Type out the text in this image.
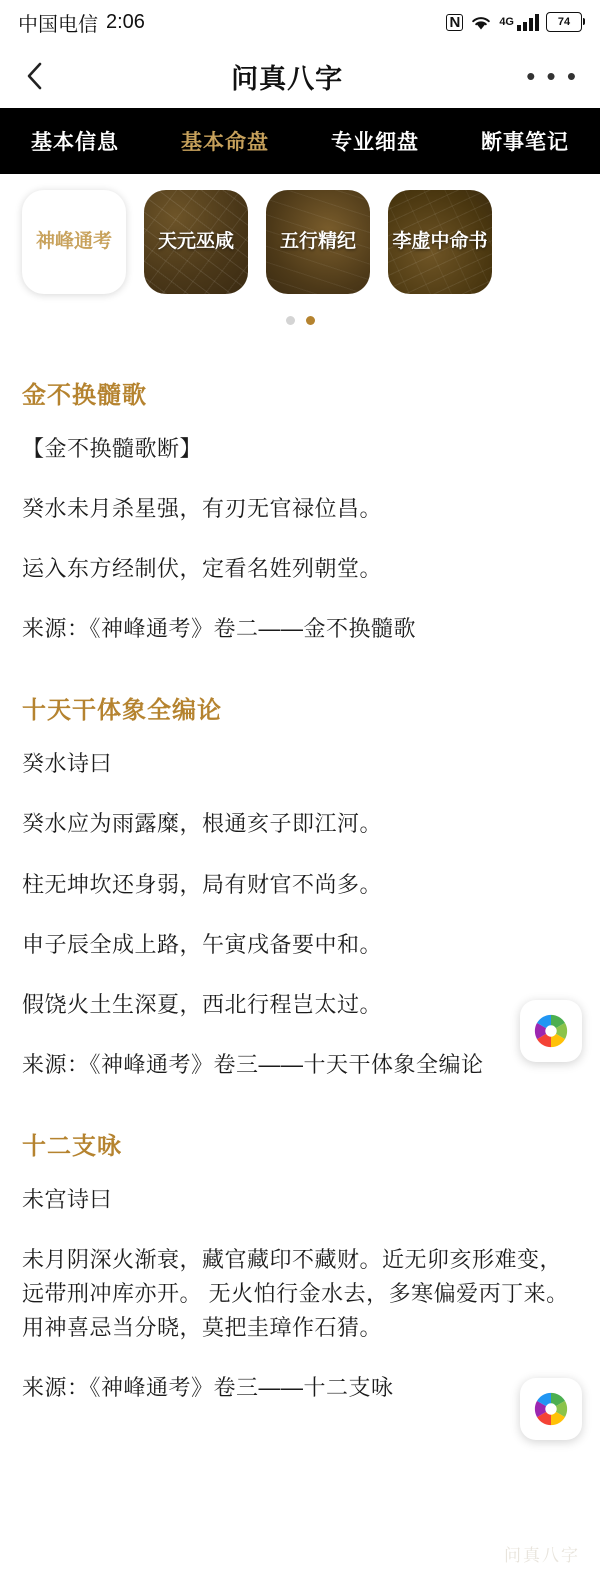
中国电信 2:06	N	4G	74
问真八字	• • •
基本信息	基本命盘	专业细盘	断事笔记
神峰通考	天元巫咸	五行精纪	李虚中命书
金不换髓歌

【金不换髓歌断】

癸水未月杀星强，有刃无官禄位昌。

运入东方经制伏，定看名姓列朝堂。

来源：《神峰通考》卷二——金不换髓歌

十天干体象全编论

癸水诗曰

癸水应为雨露糜，根通亥子即江河。

柱无坤坎还身弱，局有财官不尚多。

申子辰全成上路，午寅戌备要中和。

假饶火土生深夏，西北行程岂太过。

来源：《神峰通考》卷三——十天干体象全编论

十二支咏

未宫诗曰

未月阴深火渐衰，藏官藏印不藏财。近无卯亥形难变，远带刑冲库亦开。 无火怕行金水去，多寒偏爱丙丁来。用神喜忌当分晓，莫把圭璋作石猜。

来源：《神峰通考》卷三——十二支咏

问真八字
